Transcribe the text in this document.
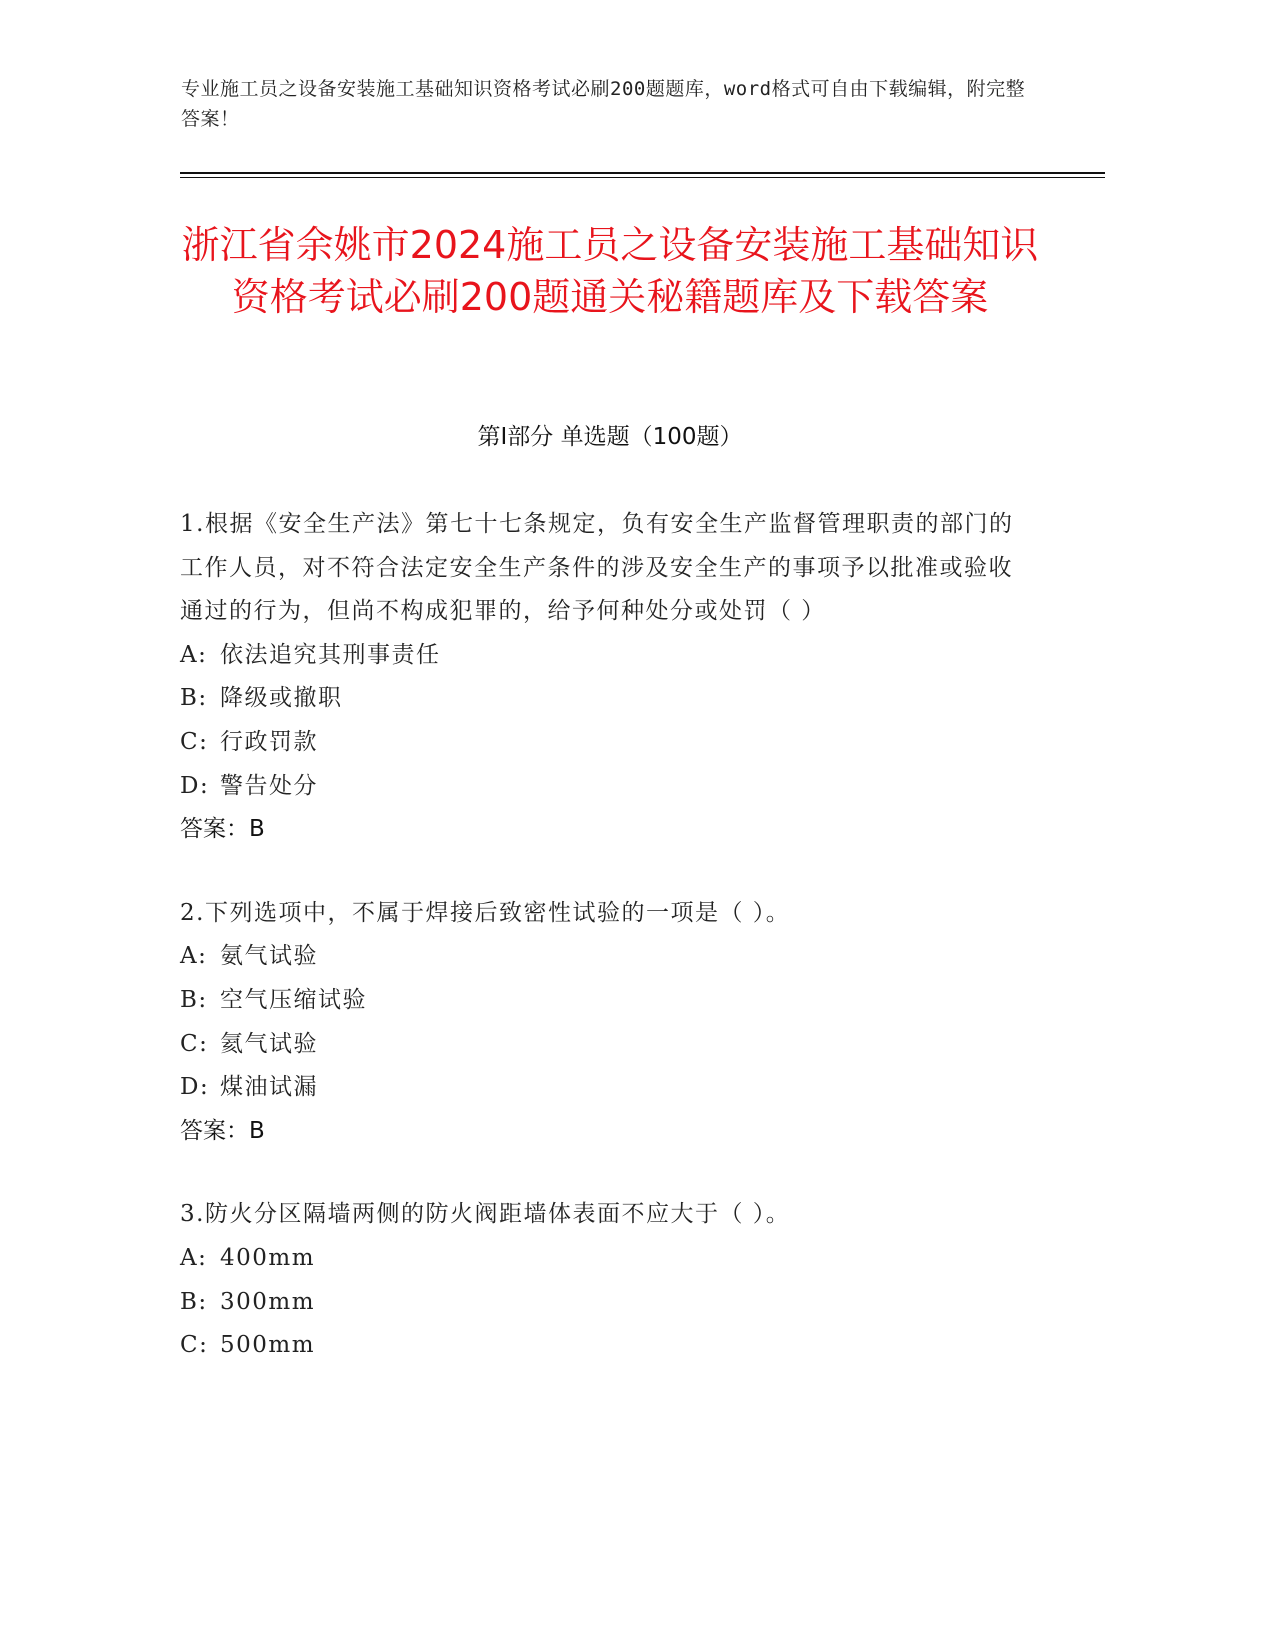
专业施工员之设备安装施工基础知识资格考试必刷200题题库，word格式可自由下载编辑，附完整答案！
浙江省余姚市2024施工员之设备安装施工基础知识资格考试必刷200题通关秘籍题库及下载答案
第Ⅰ部分 单选题（100题）

1.根据《安全生产法》第七十七条规定，负有安全生产监督管理职责的部门的工作人员，对不符合法定安全生产条件的涉及安全生产的事项予以批准或验收通过的行为，但尚不构成犯罪的，给予何种处分或处罚（ ）

A: 依法追究其刑事责任
B: 降级或撤职
C: 行政罚款
D: 警告处分

答案：B

2.下列选项中，不属于焊接后致密性试验的一项是（ ）。

A: 氨气试验
B: 空气压缩试验
C: 氦气试验
D: 煤油试漏

答案：B

3.防火分区隔墙两侧的防火阀距墙体表面不应大于（ ）。

A: 400mm
B: 300mm
C: 500mm
